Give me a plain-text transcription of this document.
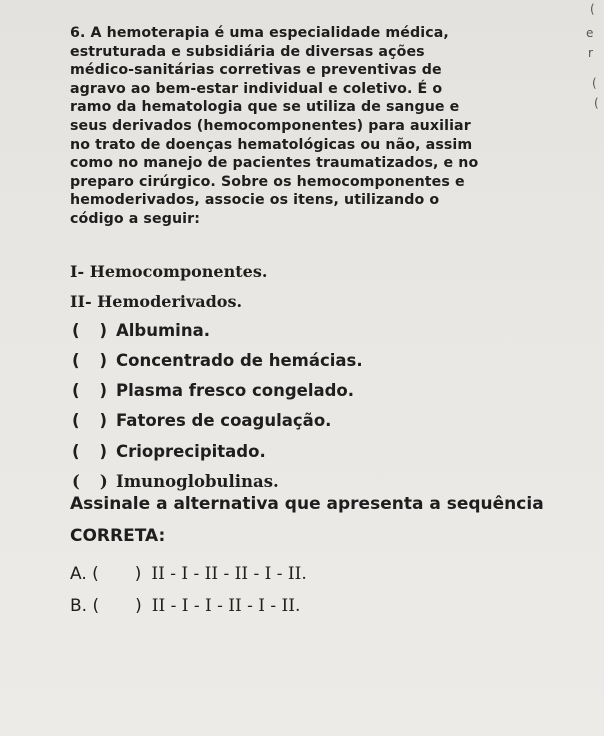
(
e
r
(
(
6. A hemoterapia é uma especialidade médica,
estruturada e subsidiária de diversas ações
médico-sanitárias corretivas e preventivas de
agravo ao bem-estar individual e coletivo. É o
ramo da hematologia que se utiliza de sangue e
seus derivados (hemocomponentes) para auxiliar
no trato de doenças hematológicas ou não, assim
como no manejo de pacientes traumatizados, e no
preparo cirúrgico. Sobre os hemocomponentes e
hemoderivados, associe os itens, utilizando o
código a seguir:
I- Hemocomponentes.
II- Hemoderivados.
( ) Albumina.
( ) Concentrado de hemácias.
( ) Plasma fresco congelado.
( ) Fatores de coagulação.
( ) Crioprecipitado.
( ) Imunoglobulinas.
Assinale a alternativa que apresenta a sequência
CORRETA:
A. ( ) II - I - II - II - I - II.
B. ( ) II - I - I - II - I - II.
